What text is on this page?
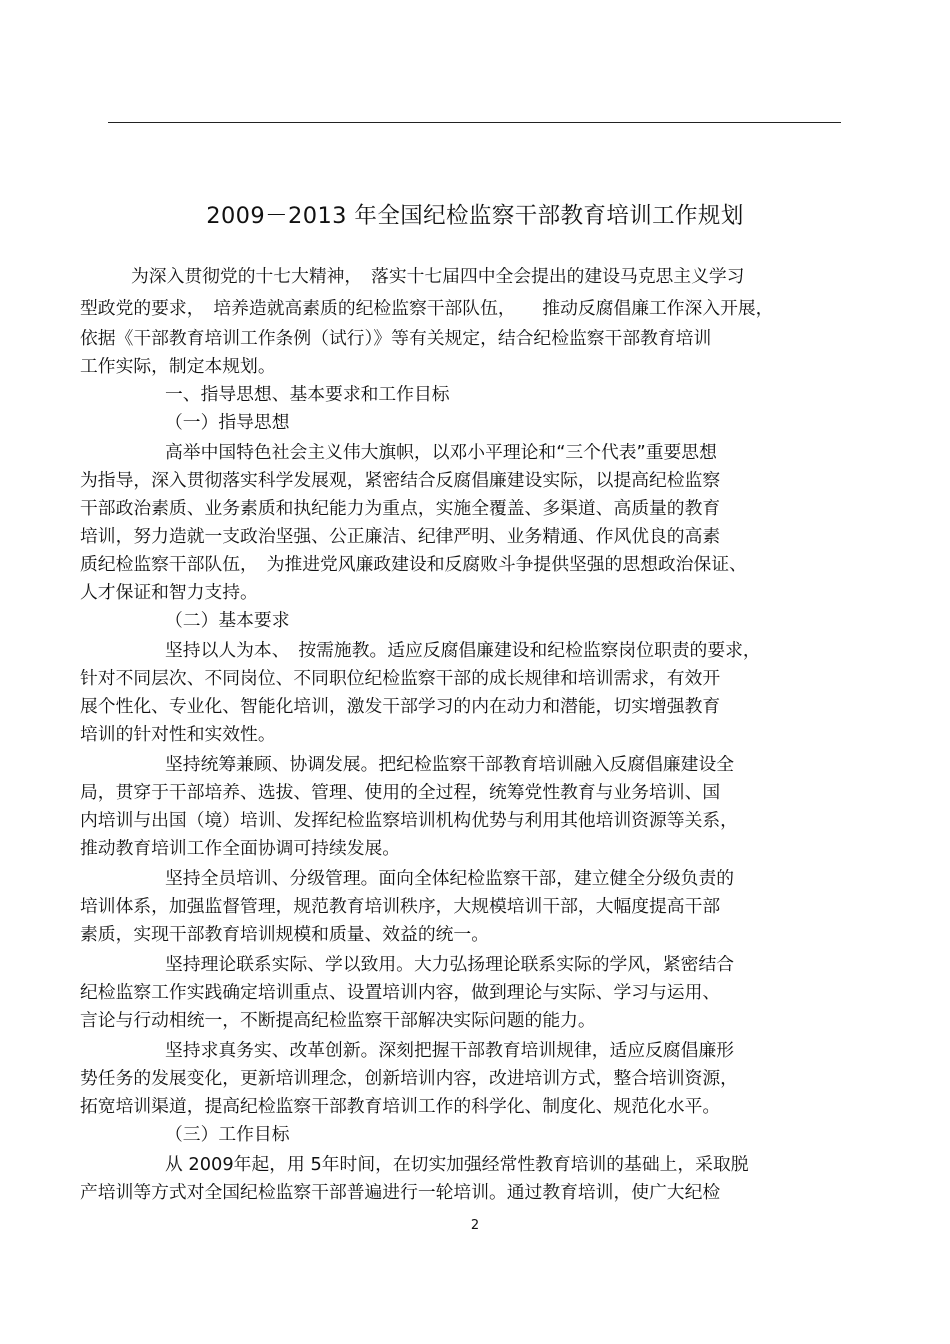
2009－2013 年全国纪检监察干部教育培训工作规划
为深入贯彻党的十七大精神，　落实十七届四中全会提出的建设马克思主义学习
型政党的要求，　培养造就高素质的纪检监察干部队伍，　　推动反腐倡廉工作深入开展，
依据《干部教育培训工作条例（试行）》等有关规定，结合纪检监察干部教育培训
工作实际，制定本规划。
一、指导思想、基本要求和工作目标
（一）指导思想
高举中国特色社会主义伟大旗帜，以邓小平理论和“三个代表”重要思想
为指导，深入贯彻落实科学发展观，紧密结合反腐倡廉建设实际，以提高纪检监察
干部政治素质、业务素质和执纪能力为重点，实施全覆盖、多渠道、高质量的教育
培训，努力造就一支政治坚强、公正廉洁、纪律严明、业务精通、作风优良的高素
质纪检监察干部队伍，　为推进党风廉政建设和反腐败斗争提供坚强的思想政治保证、
人才保证和智力支持。
（二）基本要求
坚持以人为本、　按需施教。适应反腐倡廉建设和纪检监察岗位职责的要求，
针对不同层次、不同岗位、不同职位纪检监察干部的成长规律和培训需求，有效开
展个性化、专业化、智能化培训，激发干部学习的内在动力和潜能，切实增强教育
培训的针对性和实效性。
坚持统筹兼顾、协调发展。把纪检监察干部教育培训融入反腐倡廉建设全
局，贯穿于干部培养、选拔、管理、使用的全过程，统筹党性教育与业务培训、国
内培训与出国（境）培训、发挥纪检监察培训机构优势与利用其他培训资源等关系，
推动教育培训工作全面协调可持续发展。
坚持全员培训、分级管理。面向全体纪检监察干部，建立健全分级负责的
培训体系，加强监督管理，规范教育培训秩序，大规模培训干部，大幅度提高干部
素质，实现干部教育培训规模和质量、效益的统一。
坚持理论联系实际、学以致用。大力弘扬理论联系实际的学风，紧密结合
纪检监察工作实践确定培训重点、设置培训内容，做到理论与实际、学习与运用、
言论与行动相统一，不断提高纪检监察干部解决实际问题的能力。
坚持求真务实、改革创新。深刻把握干部教育培训规律，适应反腐倡廉形
势任务的发展变化，更新培训理念，创新培训内容，改进培训方式，整合培训资源，
拓宽培训渠道，提高纪检监察干部教育培训工作的科学化、制度化、规范化水平。
（三）工作目标
从 2009年起，用 5年时间，在切实加强经常性教育培训的基础上，采取脱
产培训等方式对全国纪检监察干部普遍进行一轮培训。通过教育培训，使广大纪检
2
